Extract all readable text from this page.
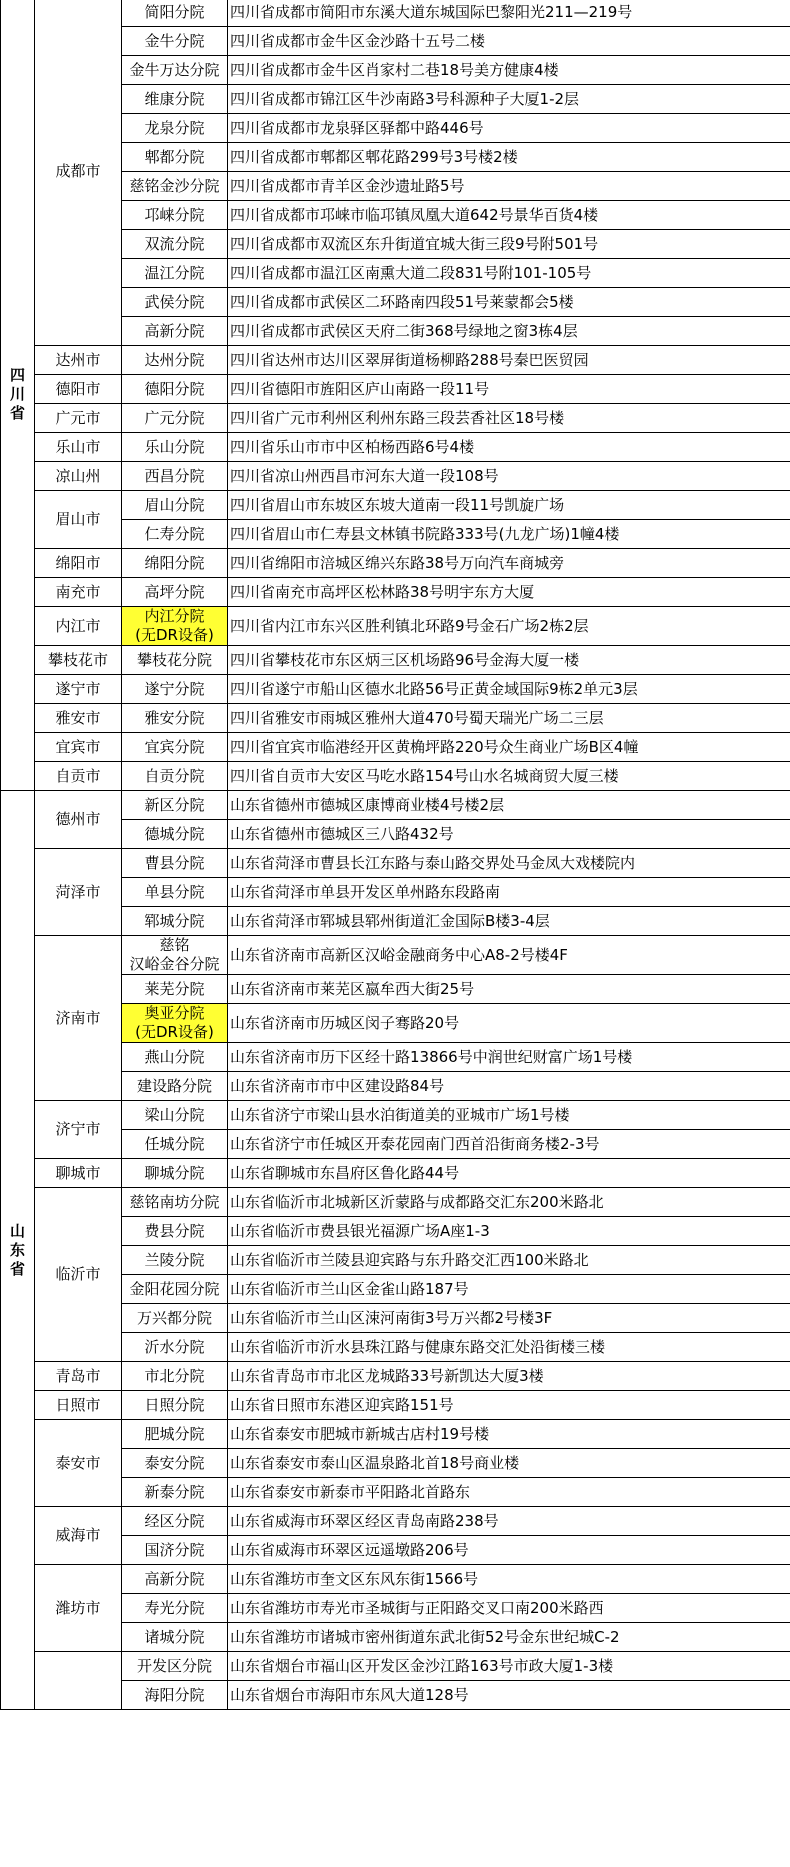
四
川
省	成都市	简阳分院	四川省成都市简阳市东溪大道东城国际巴黎阳光211—219号

		金牛分院	四川省成都市金牛区金沙路十五号二楼

		金牛万达分院	四川省成都市金牛区肖家村二巷18号美方健康4楼

		维康分院	四川省成都市锦江区牛沙南路3号科源种子大厦1-2层

		龙泉分院	四川省成都市龙泉驿区驿都中路446号

		郫都分院	四川省成都市郫都区郫花路299号3号楼2楼

		慈铭金沙分院	四川省成都市青羊区金沙遗址路5号

		邛崃分院	四川省成都市邛崃市临邛镇凤凰大道642号景华百货4楼

		双流分院	四川省成都市双流区东升街道宜城大街三段9号附501号

		温江分院	四川省成都市温江区南熏大道二段831号附101-105号

		武侯分院	四川省成都市武侯区二环路南四段51号莱蒙都会5楼

		高新分院	四川省成都市武侯区天府二街368号绿地之窗3栋4层
	达州市	达州分院	四川省达州市达川区翠屏街道杨柳路288号秦巴医贸园
	德阳市	德阳分院	四川省德阳市旌阳区庐山南路一段11号
	广元市	广元分院	四川省广元市利州区利州东路三段芸香社区18号楼
	乐山市	乐山分院	四川省乐山市市中区柏杨西路6号4楼
	凉山州	西昌分院	四川省凉山州西昌市河东大道一段108号
	眉山市	眉山分院	四川省眉山市东坡区东坡大道南一段11号凯旋广场

		仁寿分院	四川省眉山市仁寿县文林镇书院路333号(九龙广场)1幢4楼
	绵阳市	绵阳分院	四川省绵阳市涪城区绵兴东路38号万向汽车商城旁
	南充市	高坪分院	四川省南充市高坪区松林路38号明宇东方大厦
	内江市	内江分院
(无DR设备)	四川省内江市东兴区胜利镇北环路9号金石广场2栋2层
	攀枝花市	攀枝花分院	四川省攀枝花市东区炳三区机场路96号金海大厦一楼
	遂宁市	遂宁分院	四川省遂宁市船山区德水北路56号正黄金域国际9栋2单元3层
	雅安市	雅安分院	四川省雅安市雨城区雅州大道470号蜀天瑞光广场二三层
	宜宾市	宜宾分院	四川省宜宾市临港经开区黄桷坪路220号众生商业广场B区4幢
	自贡市	自贡分院	四川省自贡市大安区马吃水路154号山水名城商贸大厦三楼

山
东
省	德州市	新区分院	山东省德州市德城区康博商业楼4号楼2层

		德城分院	山东省德州市德城区三八路432号
	菏泽市	曹县分院	山东省菏泽市曹县长江东路与泰山路交界处马金凤大戏楼院内

		单县分院	山东省菏泽市单县开发区单州路东段路南

		郓城分院	山东省菏泽市郓城县郓州街道汇金国际B楼3-4层
	济南市	慈铭
汉峪金谷分院	山东省济南市高新区汉峪金融商务中心A8-2号楼4F

		莱芜分院	山东省济南市莱芜区嬴牟西大街25号

		奥亚分院
(无DR设备)	山东省济南市历城区闵子骞路20号

		燕山分院	山东省济南市历下区经十路13866号中润世纪财富广场1号楼

		建设路分院	山东省济南市市中区建设路84号
	济宁市	梁山分院	山东省济宁市梁山县水泊街道美的亚城市广场1号楼

		任城分院	山东省济宁市任城区开泰花园南门西首沿街商务楼2-3号
	聊城市	聊城分院	山东省聊城市东昌府区鲁化路44号
	临沂市	慈铭南坊分院	山东省临沂市北城新区沂蒙路与成都路交汇东200米路北

		费县分院	山东省临沂市费县银光福源广场A座1-3

		兰陵分院	山东省临沂市兰陵县迎宾路与东升路交汇西100米路北

		金阳花园分院	山东省临沂市兰山区金雀山路187号

		万兴都分院	山东省临沂市兰山区涑河南街3号万兴都2号楼3F

		沂水分院	山东省临沂市沂水县珠江路与健康东路交汇处沿街楼三楼
	青岛市	市北分院	山东省青岛市市北区龙城路33号新凯达大厦3楼
	日照市	日照分院	山东省日照市东港区迎宾路151号
	泰安市	肥城分院	山东省泰安市肥城市新城古店村19号楼

		泰安分院	山东省泰安市泰山区温泉路北首18号商业楼

		新泰分院	山东省泰安市新泰市平阳路北首路东
	威海市	经区分院	山东省威海市环翠区经区青岛南路238号

		国济分院	山东省威海市环翠区远遥墩路206号
	潍坊市	高新分院	山东省潍坊市奎文区东风东街1566号

		寿光分院	山东省潍坊市寿光市圣城街与正阳路交叉口南200米路西

		诸城分院	山东省潍坊市诸城市密州街道东武北街52号金东世纪城C-2

		开发区分院	山东省烟台市福山区开发区金沙江路163号市政大厦1-3楼

		海阳分院	山东省烟台市海阳市东风大道128号
